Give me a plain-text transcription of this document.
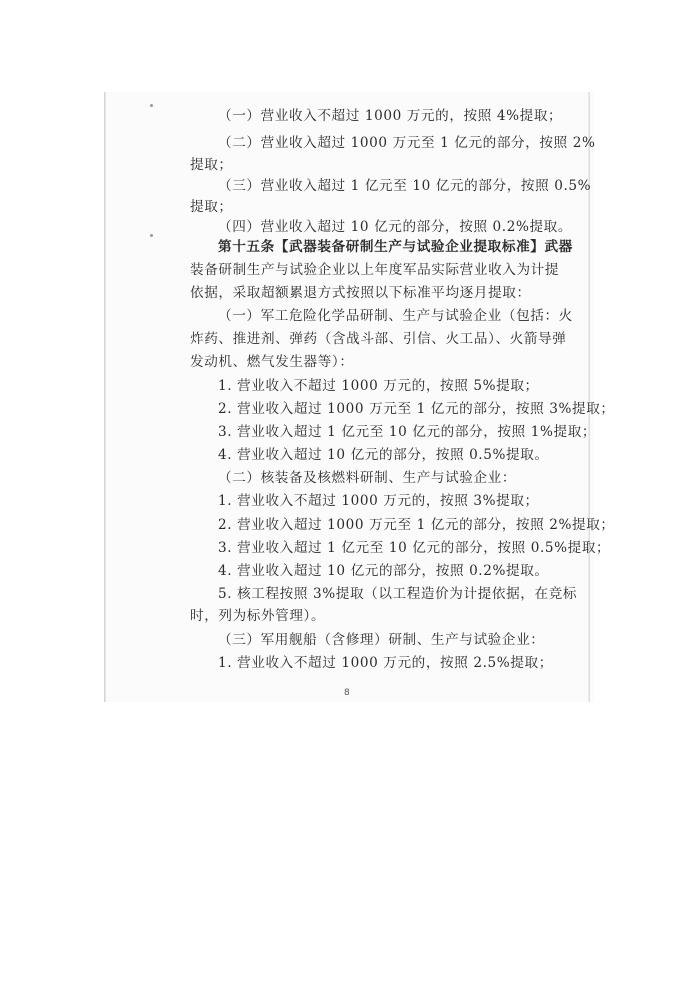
（一）营业收入不超过 1000 万元的，按照 4%提取；
（二）营业收入超过 1000 万元至 1 亿元的部分，按照 2%
提取；
（三）营业收入超过 1 亿元至 10 亿元的部分，按照 0.5%
提取；
（四）营业收入超过 10 亿元的部分，按照 0.2%提取。
第十五条【武器装备研制生产与试验企业提取标准】武器
装备研制生产与试验企业以上年度军品实际营业收入为计提
依据，采取超额累退方式按照以下标准平均逐月提取：
（一）军工危险化学品研制、生产与试验企业（包括：火
炸药、推进剂、弹药（含战斗部、引信、火工品）、火箭导弹
发动机、燃气发生器等）：
1. 营业收入不超过 1000 万元的，按照 5%提取；
2. 营业收入超过 1000 万元至 1 亿元的部分，按照 3%提取；
3. 营业收入超过 1 亿元至 10 亿元的部分，按照 1%提取；
4. 营业收入超过 10 亿元的部分，按照 0.5%提取。
（二）核装备及核燃料研制、生产与试验企业：
1. 营业收入不超过 1000 万元的，按照 3%提取；
2. 营业收入超过 1000 万元至 1 亿元的部分，按照 2%提取；
3. 营业收入超过 1 亿元至 10 亿元的部分，按照 0.5%提取；
4. 营业收入超过 10 亿元的部分，按照 0.2%提取。
5. 核工程按照 3%提取（以工程造价为计提依据，在竞标
时，列为标外管理）。
（三）军用舰船（含修理）研制、生产与试验企业：
1. 营业收入不超过 1000 万元的，按照 2.5%提取；
8
